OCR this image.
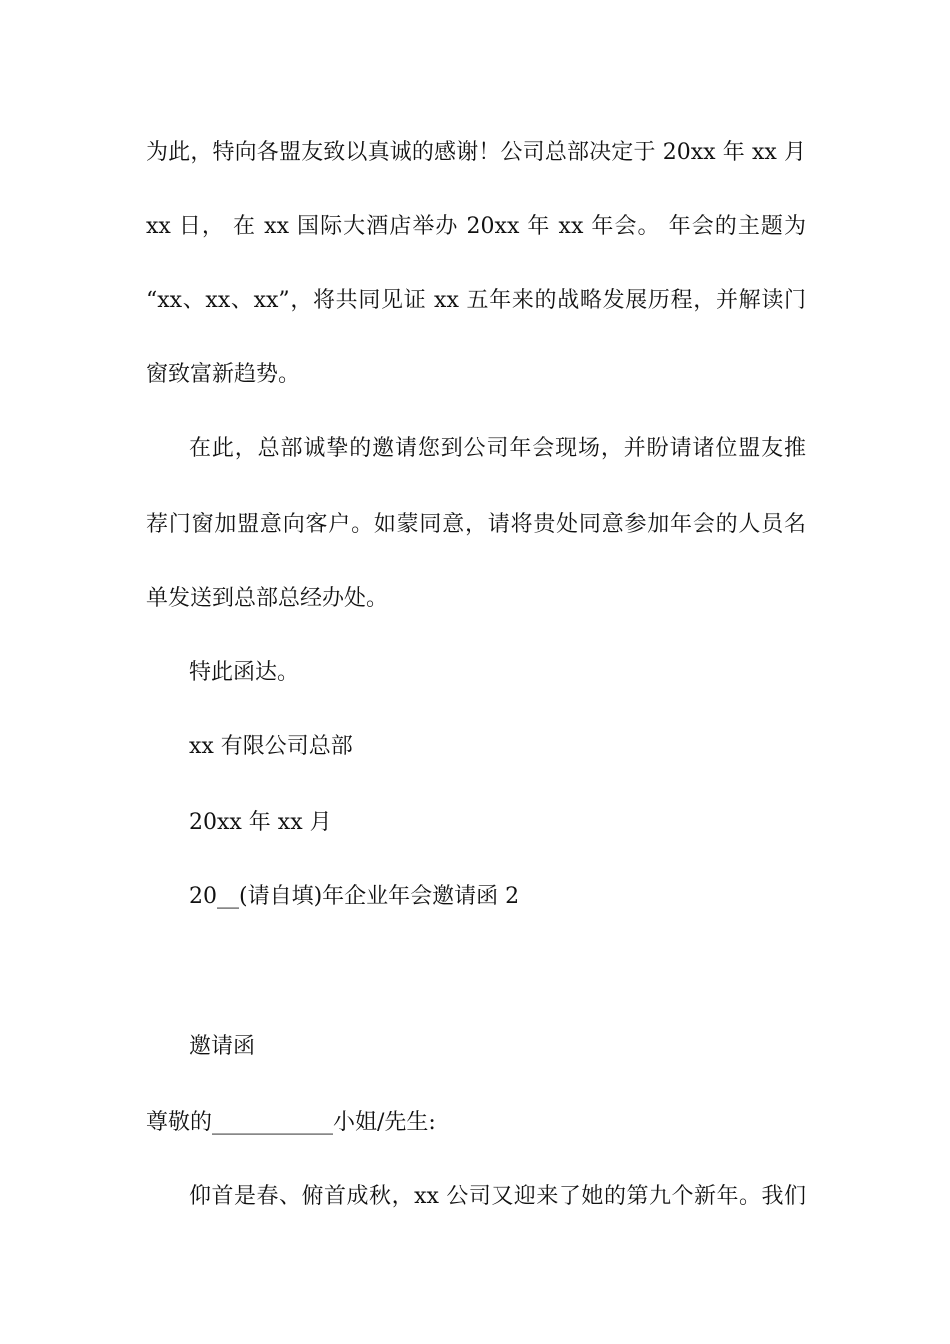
为此，特向各盟友致以真诚的感谢！公司总部决定于 20xx 年 xx 月
xx 日， 在 xx 国际大酒店举办 20xx 年 xx 年会。 年会的主题为
“xx、xx、xx”，将共同见证 xx 五年来的战略发展历程，并解读门
窗致富新趋势。
在此，总部诚挚的邀请您到公司年会现场，并盼请诸位盟友推
荐门窗加盟意向客户。如蒙同意，请将贵处同意参加年会的人员名
单发送到总部总经办处。
特此函达。
xx 有限公司总部
20xx 年 xx 月
20__(请自填)年企业年会邀请函 2
邀请函
尊敬的___________小姐/先生:
仰首是春、俯首成秋，xx 公司又迎来了她的第九个新年。我们
